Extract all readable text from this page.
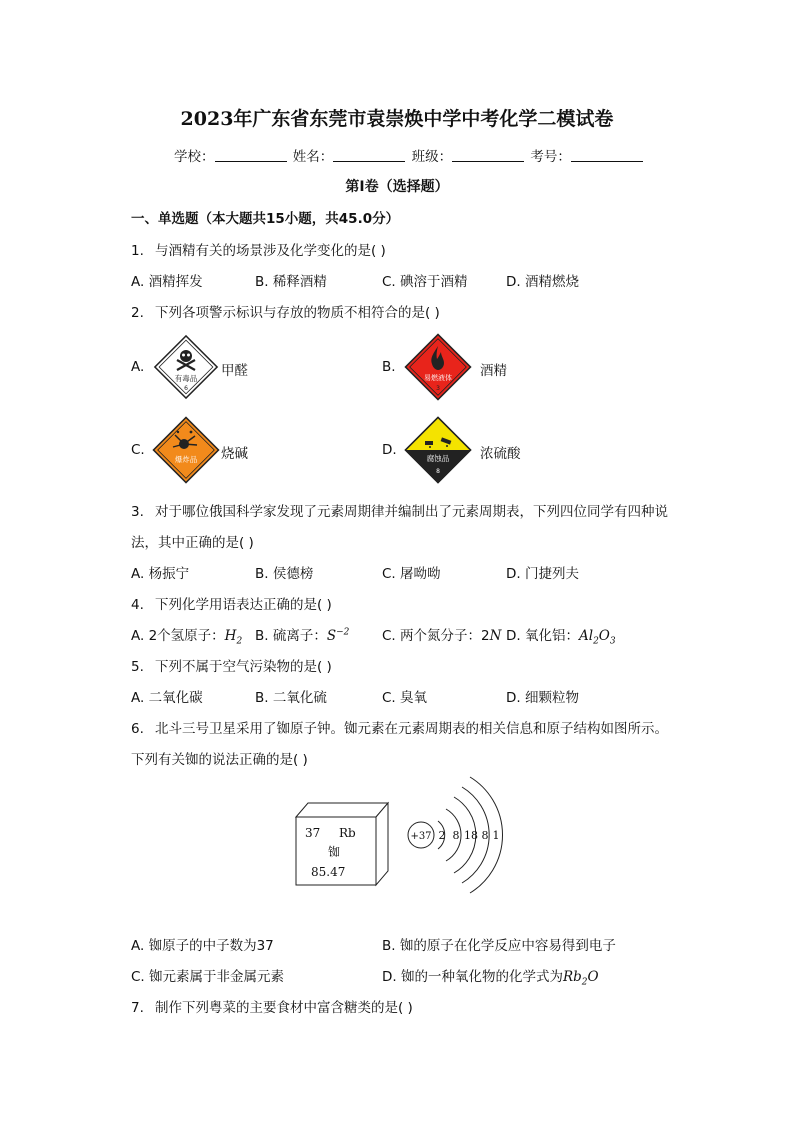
2023年广东省东莞市袁崇焕中学中考化学二模试卷
学校：	姓名：	班级：	考号：
第Ⅰ卷（选择题）
一、单选题（本大题共15小题，共45.0分）
1. 与酒精有关的场景涉及化学变化的是( )
A. 酒精挥发	B. 稀释酒精	C. 碘溶于酒精	D. 酒精燃烧
2. 下列各项警示标识与存放的物质不相符合的是( )
A.
有毒品
6
甲醛	B.
易燃液体
3
酒精
C.
爆炸品 烧碱	D.
腐蚀品
8
浓硫酸
3. 对于哪位俄国科学家发现了元素周期律并编制出了元素周期表，下列四位同学有四种说
法，其中正确的是( )
A. 杨振宁	B. 侯德榜	C. 屠呦呦	D. 门捷列夫
4. 下列化学用语表达正确的是( )
A. 2个氢原子：$H_2$ B. 硫离子：$S^{-2}$ C. 两个氮分子：2N D. 氧化铝：$Al_2O_3$
5. 下列不属于空气污染物的是( )
A. 二氧化碳	B. 二氧化硫	C. 臭氧	D. 细颗粒物
6. 北斗三号卫星采用了铷原子钟。铷元素在元素周期表的相关信息和原子结构如图所示。
下列有关铷的说法正确的是( )
37 Rb
铷
85.47
+37 2 8 18 8 1
A. 铷原子的中子数为37	B. 铷的原子在化学反应中容易得到电子
C. 铷元素属于非金属元素	D. 铷的一种氧化物的化学式为$Rb_2O$
7. 制作下列粤菜的主要食材中富含糖类的是( )
